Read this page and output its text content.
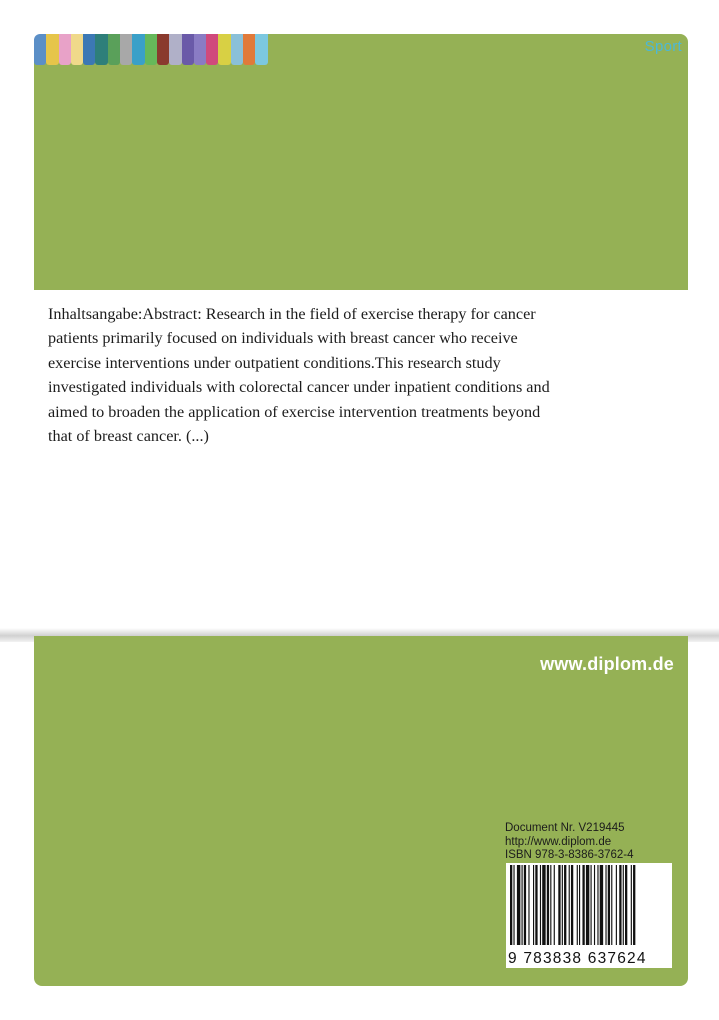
Sport
Inhaltsangabe:Abstract: Research in the field of exercise therapy for cancer
patients primarily focused on individuals with breast cancer who receive
exercise interventions under outpatient conditions.This research study
investigated individuals with colorectal cancer under inpatient conditions and
aimed to broaden the application of exercise intervention treatments beyond
that of breast cancer. (...)
www.diplom.de
Document Nr. V219445
http://www.diplom.de
ISBN 978-3-8386-3762-4
9 783838 637624
